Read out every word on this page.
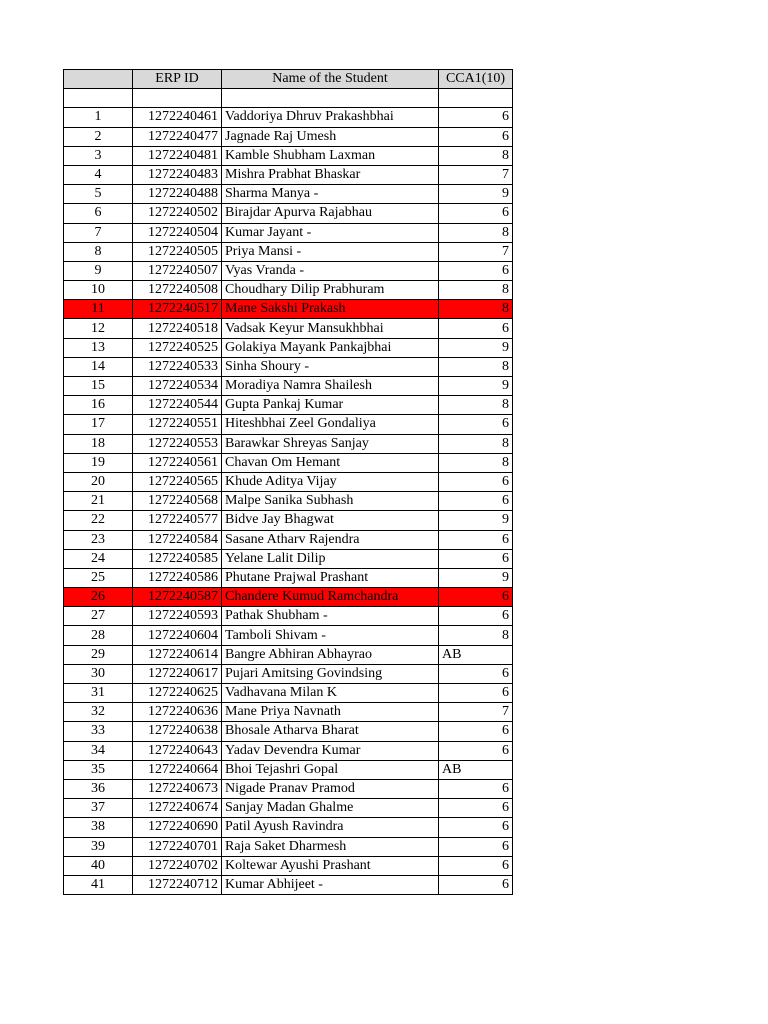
	ERP ID	Name of the Student	CCA1(10)

1	1272240461	Vaddoriya Dhruv Prakashbhai	6
2	1272240477	Jagnade Raj Umesh	6
3	1272240481	Kamble Shubham Laxman	8
4	1272240483	Mishra Prabhat Bhaskar	7
5	1272240488	Sharma Manya -	9
6	1272240502	Birajdar Apurva Rajabhau	6
7	1272240504	Kumar Jayant -	8
8	1272240505	Priya Mansi -	7
9	1272240507	Vyas Vranda -	6
10	1272240508	Choudhary Dilip Prabhuram	8
11	1272240517	Mane Sakshi Prakash	8
12	1272240518	Vadsak Keyur Mansukhbhai	6
13	1272240525	Golakiya Mayank Pankajbhai	9
14	1272240533	Sinha Shoury -	8
15	1272240534	Moradiya Namra Shailesh	9
16	1272240544	Gupta Pankaj Kumar	8
17	1272240551	Hiteshbhai Zeel Gondaliya	6
18	1272240553	Barawkar Shreyas Sanjay	8
19	1272240561	Chavan Om Hemant	8
20	1272240565	Khude Aditya Vijay	6
21	1272240568	Malpe Sanika Subhash	6
22	1272240577	Bidve Jay Bhagwat	9
23	1272240584	Sasane Atharv Rajendra	6
24	1272240585	Yelane Lalit Dilip	6
25	1272240586	Phutane Prajwal Prashant	9
26	1272240587	Chandere Kumud Ramchandra	6
27	1272240593	Pathak Shubham -	6
28	1272240604	Tamboli Shivam -	8
29	1272240614	Bangre Abhiran Abhayrao	AB
30	1272240617	Pujari Amitsing Govindsing	6
31	1272240625	Vadhavana Milan K	6
32	1272240636	Mane Priya Navnath	7
33	1272240638	Bhosale Atharva Bharat	6
34	1272240643	Yadav Devendra Kumar	6
35	1272240664	Bhoi Tejashri Gopal	AB
36	1272240673	Nigade Pranav Pramod	6
37	1272240674	Sanjay Madan Ghalme	6
38	1272240690	Patil Ayush Ravindra	6
39	1272240701	Raja Saket Dharmesh	6
40	1272240702	Koltewar Ayushi Prashant	6
41	1272240712	Kumar Abhijeet -	6
